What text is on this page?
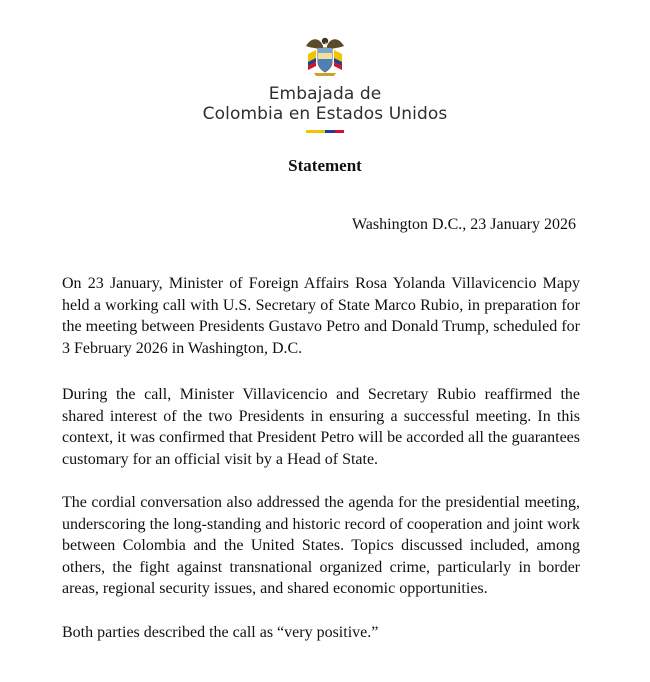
Embajada de
Colombia en Estados Unidos
Statement
Washington D.C., 23 January 2026

On 23 January, Minister of Foreign Affairs Rosa Yolanda Villavicencio Mapy held a working call with U.S. Secretary of State Marco Rubio, in preparation for the meeting between Presidents Gustavo Petro and Donald Trump, scheduled for 3 February 2026 in Washington, D.C.

During the call, Minister Villavicencio and Secretary Rubio reaffirmed the shared interest of the two Presidents in ensuring a successful meeting. In this context, it was confirmed that President Petro will be accorded all the guarantees customary for an official visit by a Head of State.

The cordial conversation also addressed the agenda for the presidential meeting, underscoring the long-standing and historic record of cooperation and joint work between Colombia and the United States. Topics discussed included, among others, the fight against transnational organized crime, particularly in border areas, regional security issues, and shared economic opportunities.

Both parties described the call as “very positive.”
